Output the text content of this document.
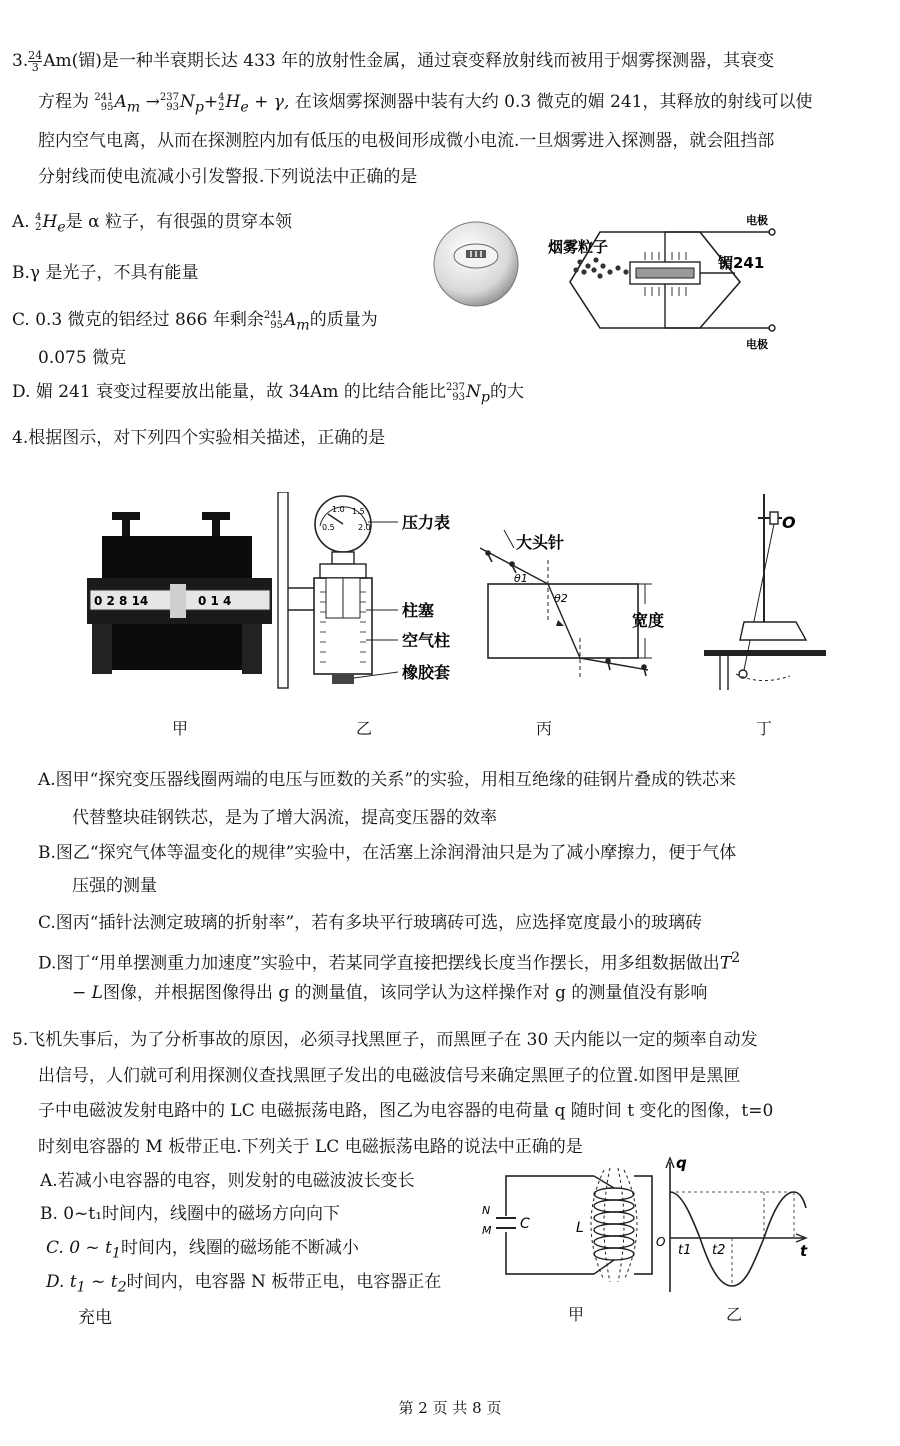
3. $\frac{24}{3} Am$(镅)是一种半衰期长达 433 年的放射性金属，通过衰变释放射线而被用于烟雾探测器，其衰变
方程为 241
95 $A_m \to 237$
93 $N_p+ 4$
2 $H_e + \gamma$, 在该烟雾探测器中装有大约 0.3 微克的媚 241，其释放的射线可以使
腔内空气电离，从而在探测腔内加有低压的电极间形成微小电流.一旦烟雾进入探测器，就会阻挡部
分射线而使电流减小引发警报.下列说法中正确的是
A. 4
2 $H_e$是 α 粒子，有很强的贯穿本领
B.γ 是光子，不具有能量
C. 0.3 微克的铝经过 866 年剩余 241
95 $A_m$的质量为
0.075 微克
D. 媚 241 衰变过程要放出能量，故 34Am 的比结合能比 237
93 $N_p$的大
烟雾粒子
镅241
电极
电极
4.根据图示，对下列四个实验相关描述，正确的是
0 2 8 14	0 1 4
1.0 1.5
0.5	2.0 压力表
柱塞
空气柱
橡胶套
大头针
θ1
θ2
宽度
O
甲	乙	丙	丁
A.图甲“探究变压器线圈两端的电压与匝数的关系”的实验，用相互绝缘的硅钢片叠成的铁芯来
代替整块硅钢铁芯，是为了增大涡流，提高变压器的效率
B.图乙“探究气体等温变化的规律”实验中，在活塞上涂润滑油只是为了减小摩擦力，便于气体
压强的测量
C.图丙“插针法测定玻璃的折射率”，若有多块平行玻璃砖可选，应选择宽度最小的玻璃砖
D.图丁“用单摆测重力加速度”实验中，若某同学直接把摆线长度当作摆长，用多组数据做出$T^2$
− L图像，并根据图像得出 g 的测量值，该同学认为这样操作对 g 的测量值没有影响
5.飞机失事后，为了分析事故的原因，必须寻找黑匣子，而黑匣子在 30 天内能以一定的频率自动发
出信号，人们就可利用探测仪查找黑匣子发出的电磁波信号来确定黑匣子的位置.如图甲是黑匣
子中电磁波发射电路中的 LC 电磁振荡电路，图乙为电容器的电荷量 q 随时间 t 变化的图像，t=0
时刻电容器的 M 板带正电.下列关于 LC 电磁振荡电路的说法中正确的是
A.若减小电容器的电容，则发射的电磁波波长变长
B. 0~t₁时间内，线圈中的磁场方向向下
C. 0 ~ $t_1$时间内，线圈的磁场能不断减小
D. $t_1$ ~ $t_2$时间内，电容器 N 板带正电，电容器正在
充电
N
M C	L
q
O
t1 t2	t
甲	乙
第 2 页 共 8 页
